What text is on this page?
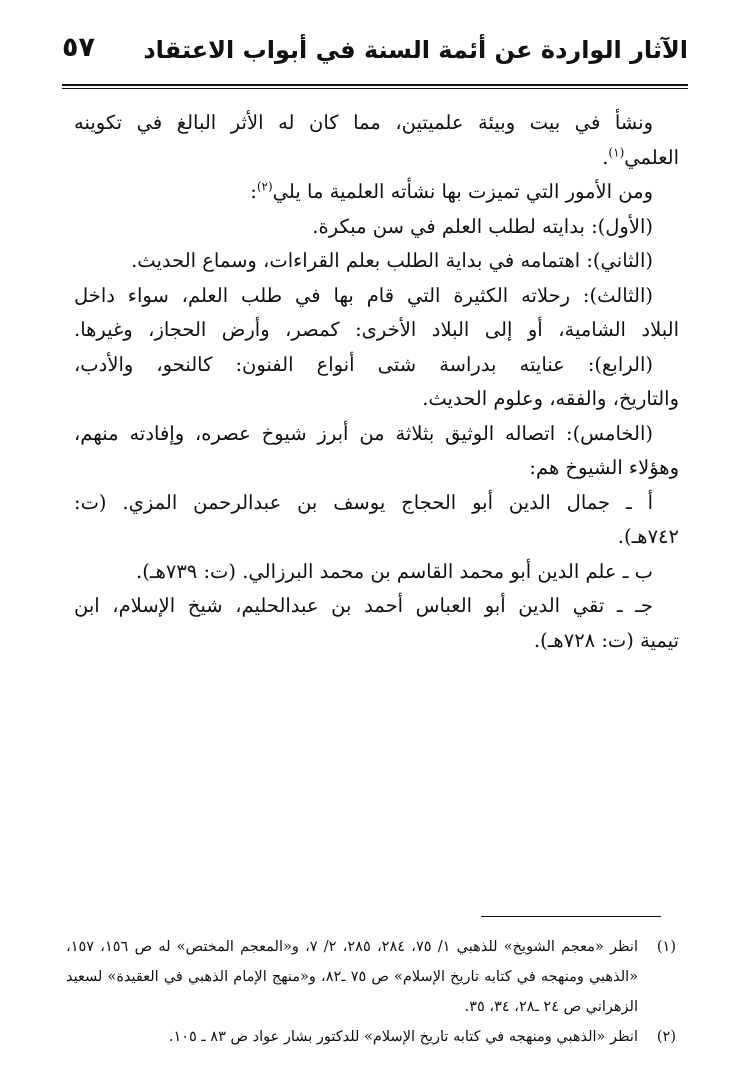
الآثار الواردة عن أئمة السنة في أبواب الاعتقاد
٥٧
ونشأ في بيت وبيئة علميتين، مما كان له الأثر البالغ في تكوينه
العلمي$^{(١)}$.
ومن الأمور التي تميزت بها نشأته العلمية ما يلي$^{(٢)}$:
(الأول): بدايته لطلب العلم في سن مبكرة.
(الثاني): اهتمامه في بداية الطلب بعلم القراءات، وسماع الحديث.
(الثالث): رحلاته الكثيرة التي قام بها في طلب العلم، سواء داخل
البلاد الشامية، أو إلى البلاد الأخرى: كمصر، وأرض الحجاز، وغيرها.
(الرابع): عنايته بدراسة شتى أنواع الفنون: كالنحو، والأدب،
والتاريخ، والفقه، وعلوم الحديث.
(الخامس): اتصاله الوثيق بثلاثة من أبرز شيوخ عصره، وإفادته منهم،
وهؤلاء الشيوخ هم:
أ ـ جمال الدين أبو الحجاج يوسف بن عبدالرحمن المزي. (ت:
٧٤٢هـ).
ب ـ علم الدين أبو محمد القاسم بن محمد البرزالي. (ت: ٧٣٩هـ).
جـ ـ تقي الدين أبو العباس أحمد بن عبدالحليم، شيخ الإسلام، ابن
تيمية (ت: ٧٢٨هـ).
(١)
انظر «معجم الشويخ» للذهبي ١/ ٧٥، ٢٨٤، ٢٨٥، ٢/ ٧، و«المعجم المختص» له ص ١٥٦، ١٥٧، «الذهبي ومنهجه في كتابه تاريخ الإسلام» ص ٧٥ ـ٨٢، و«منهج الإمام الذهبي في العقيدة» لسعيد الزهراني ص ٢٤ ـ٢٨، ٣٤، ٣٥.
(٢)
انظر «الذهبي ومنهجه في كتابه تاريخ الإسلام» للدكتور بشار عواد ص ٨٣ ـ ١٠٥.
